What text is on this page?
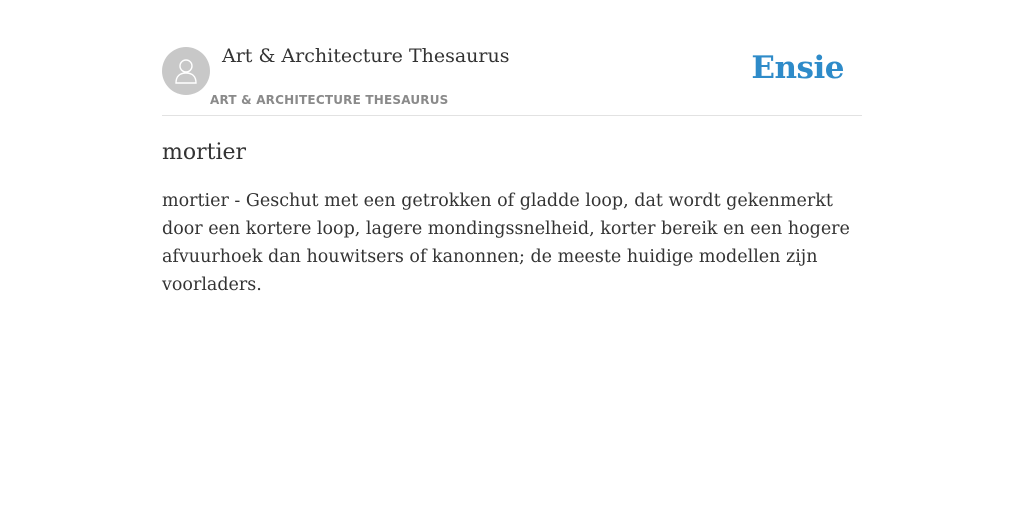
Art & Architecture Thesaurus
ART & ARCHITECTURE THESAURUS
Ensie
mortier
mortier - Geschut met een getrokken of gladde loop, dat wordt gekenmerkt door een kortere loop, lagere mondingssnelheid, korter bereik en een hogere afvuurhoek dan houwitsers of kanonnen; de meeste huidige modellen zijn voorladers.
